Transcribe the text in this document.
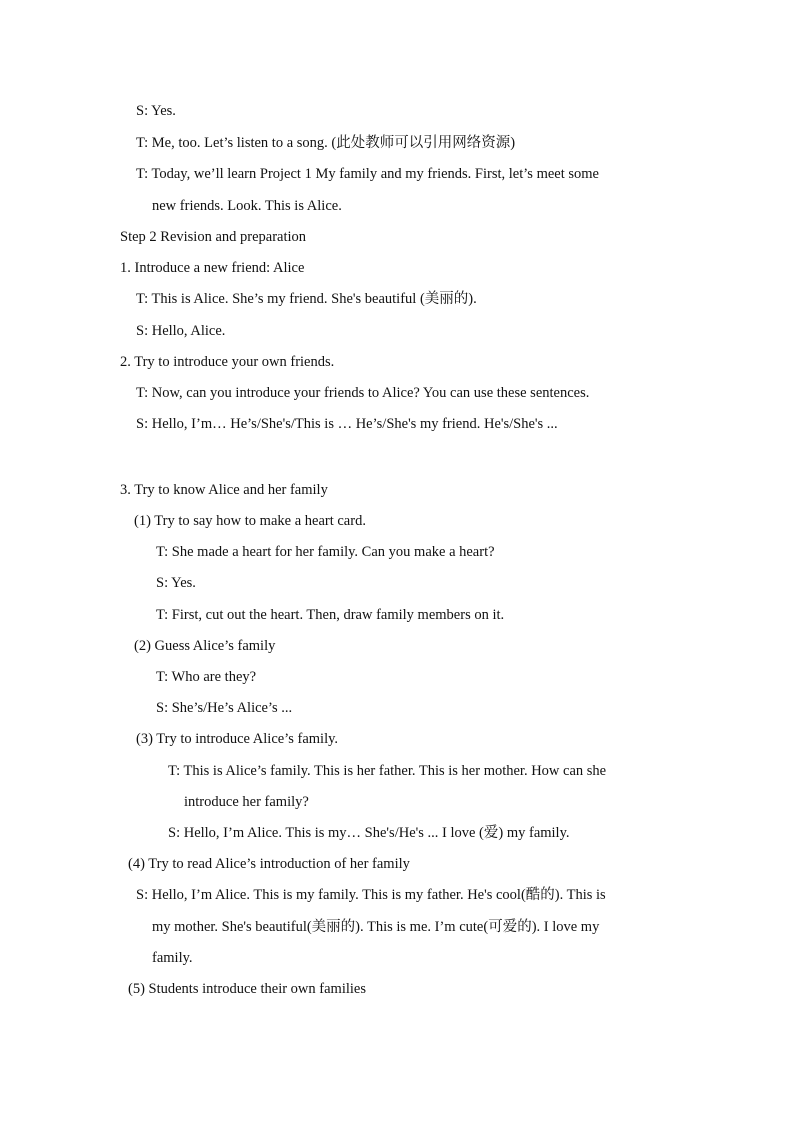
S: Yes.
T: Me, too. Let’s listen to a song. (此处教师可以引用网络资源)
T: Today, we’ll learn Project 1 My family and my friends. First, let’s meet some
new friends. Look. This is Alice.
Step 2 Revision and preparation
1. Introduce a new friend: Alice
T: This is Alice. She’s my friend. She's beautiful (美丽的).
S: Hello, Alice.
2. Try to introduce your own friends.
T: Now, can you introduce your friends to Alice? You can use these sentences.
S: Hello, I’m… He’s/She's/This is … He’s/She's my friend. He's/She's ...
3. Try to know Alice and her family
(1) Try to say how to make a heart card.
T: She made a heart for her family. Can you make a heart?
S: Yes.
T: First, cut out the heart. Then, draw family members on it.
(2) Guess Alice’s family
T: Who are they?
S: She’s/He’s Alice’s ...
(3) Try to introduce Alice’s family.
T: This is Alice’s family. This is her father. This is her mother. How can she
introduce her family?
S: Hello, I’m Alice. This is my… She's/He's ... I love (爱) my family.
(4) Try to read Alice’s introduction of her family
S: Hello, I’m Alice. This is my family. This is my father. He's cool(酷的). This is
my mother. She's beautiful(美丽的). This is me. I’m cute(可爱的). I love my
family.
(5) Students introduce their own families
